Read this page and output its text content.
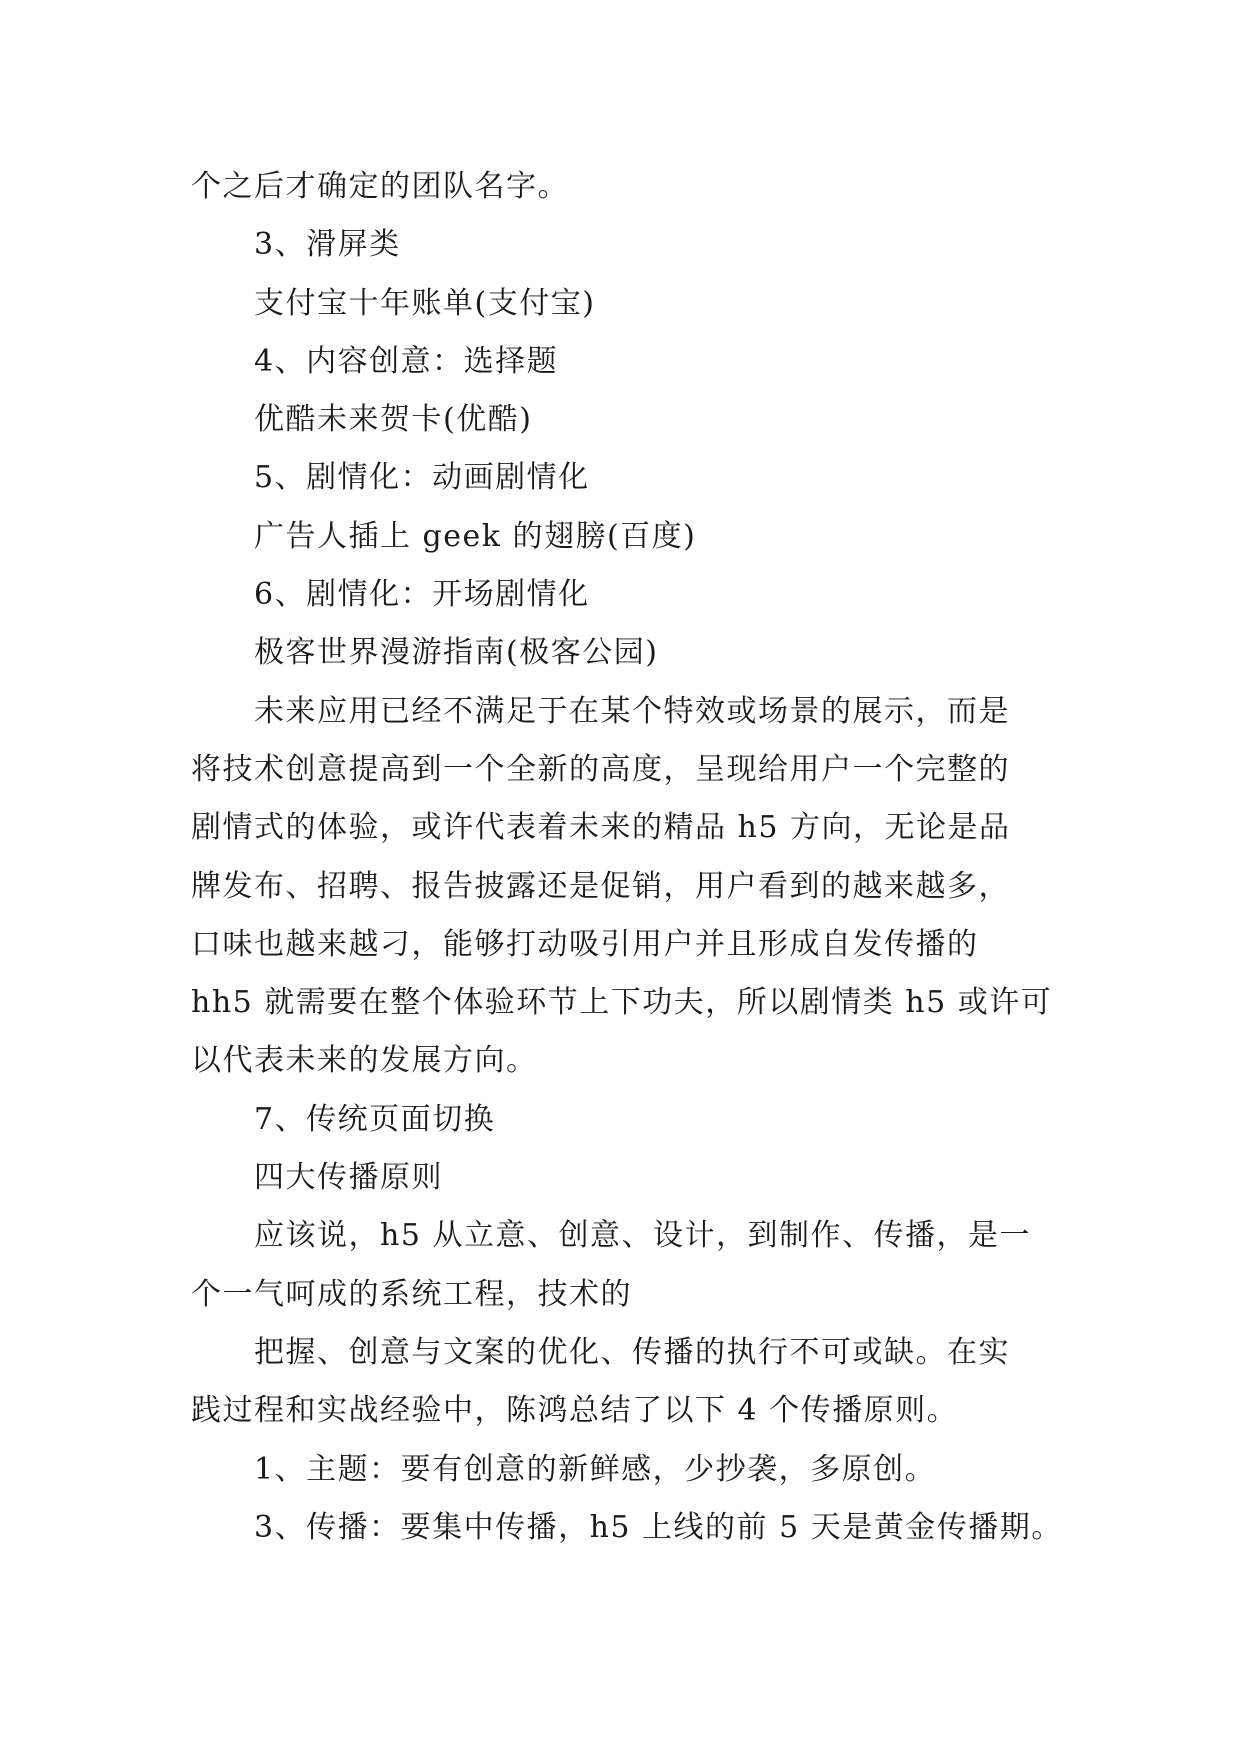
个之后才确定的团队名字。
3、滑屏类
支付宝十年账单(支付宝)
4、内容创意：选择题
优酷未来贺卡(优酷)
5、剧情化：动画剧情化
广告人插上 geek 的翅膀(百度)
6、剧情化：开场剧情化
极客世界漫游指南(极客公园)
未来应用已经不满足于在某个特效或场景的展示，而是
将技术创意提高到一个全新的高度，呈现给用户一个完整的
剧情式的体验，或许代表着未来的精品 h5 方向，无论是品
牌发布、招聘、报告披露还是促销，用户看到的越来越多，
口味也越来越刁，能够打动吸引用户并且形成自发传播的
hh5 就需要在整个体验环节上下功夫，所以剧情类 h5 或许可
以代表未来的发展方向。
7、传统页面切换
四大传播原则
应该说，h5 从立意、创意、设计，到制作、传播，是一
个一气呵成的系统工程，技术的
把握、创意与文案的优化、传播的执行不可或缺。在实
践过程和实战经验中，陈鸿总结了以下 4 个传播原则。
1、主题：要有创意的新鲜感，少抄袭，多原创。
3、传播：要集中传播，h5 上线的前 5 天是黄金传播期。
